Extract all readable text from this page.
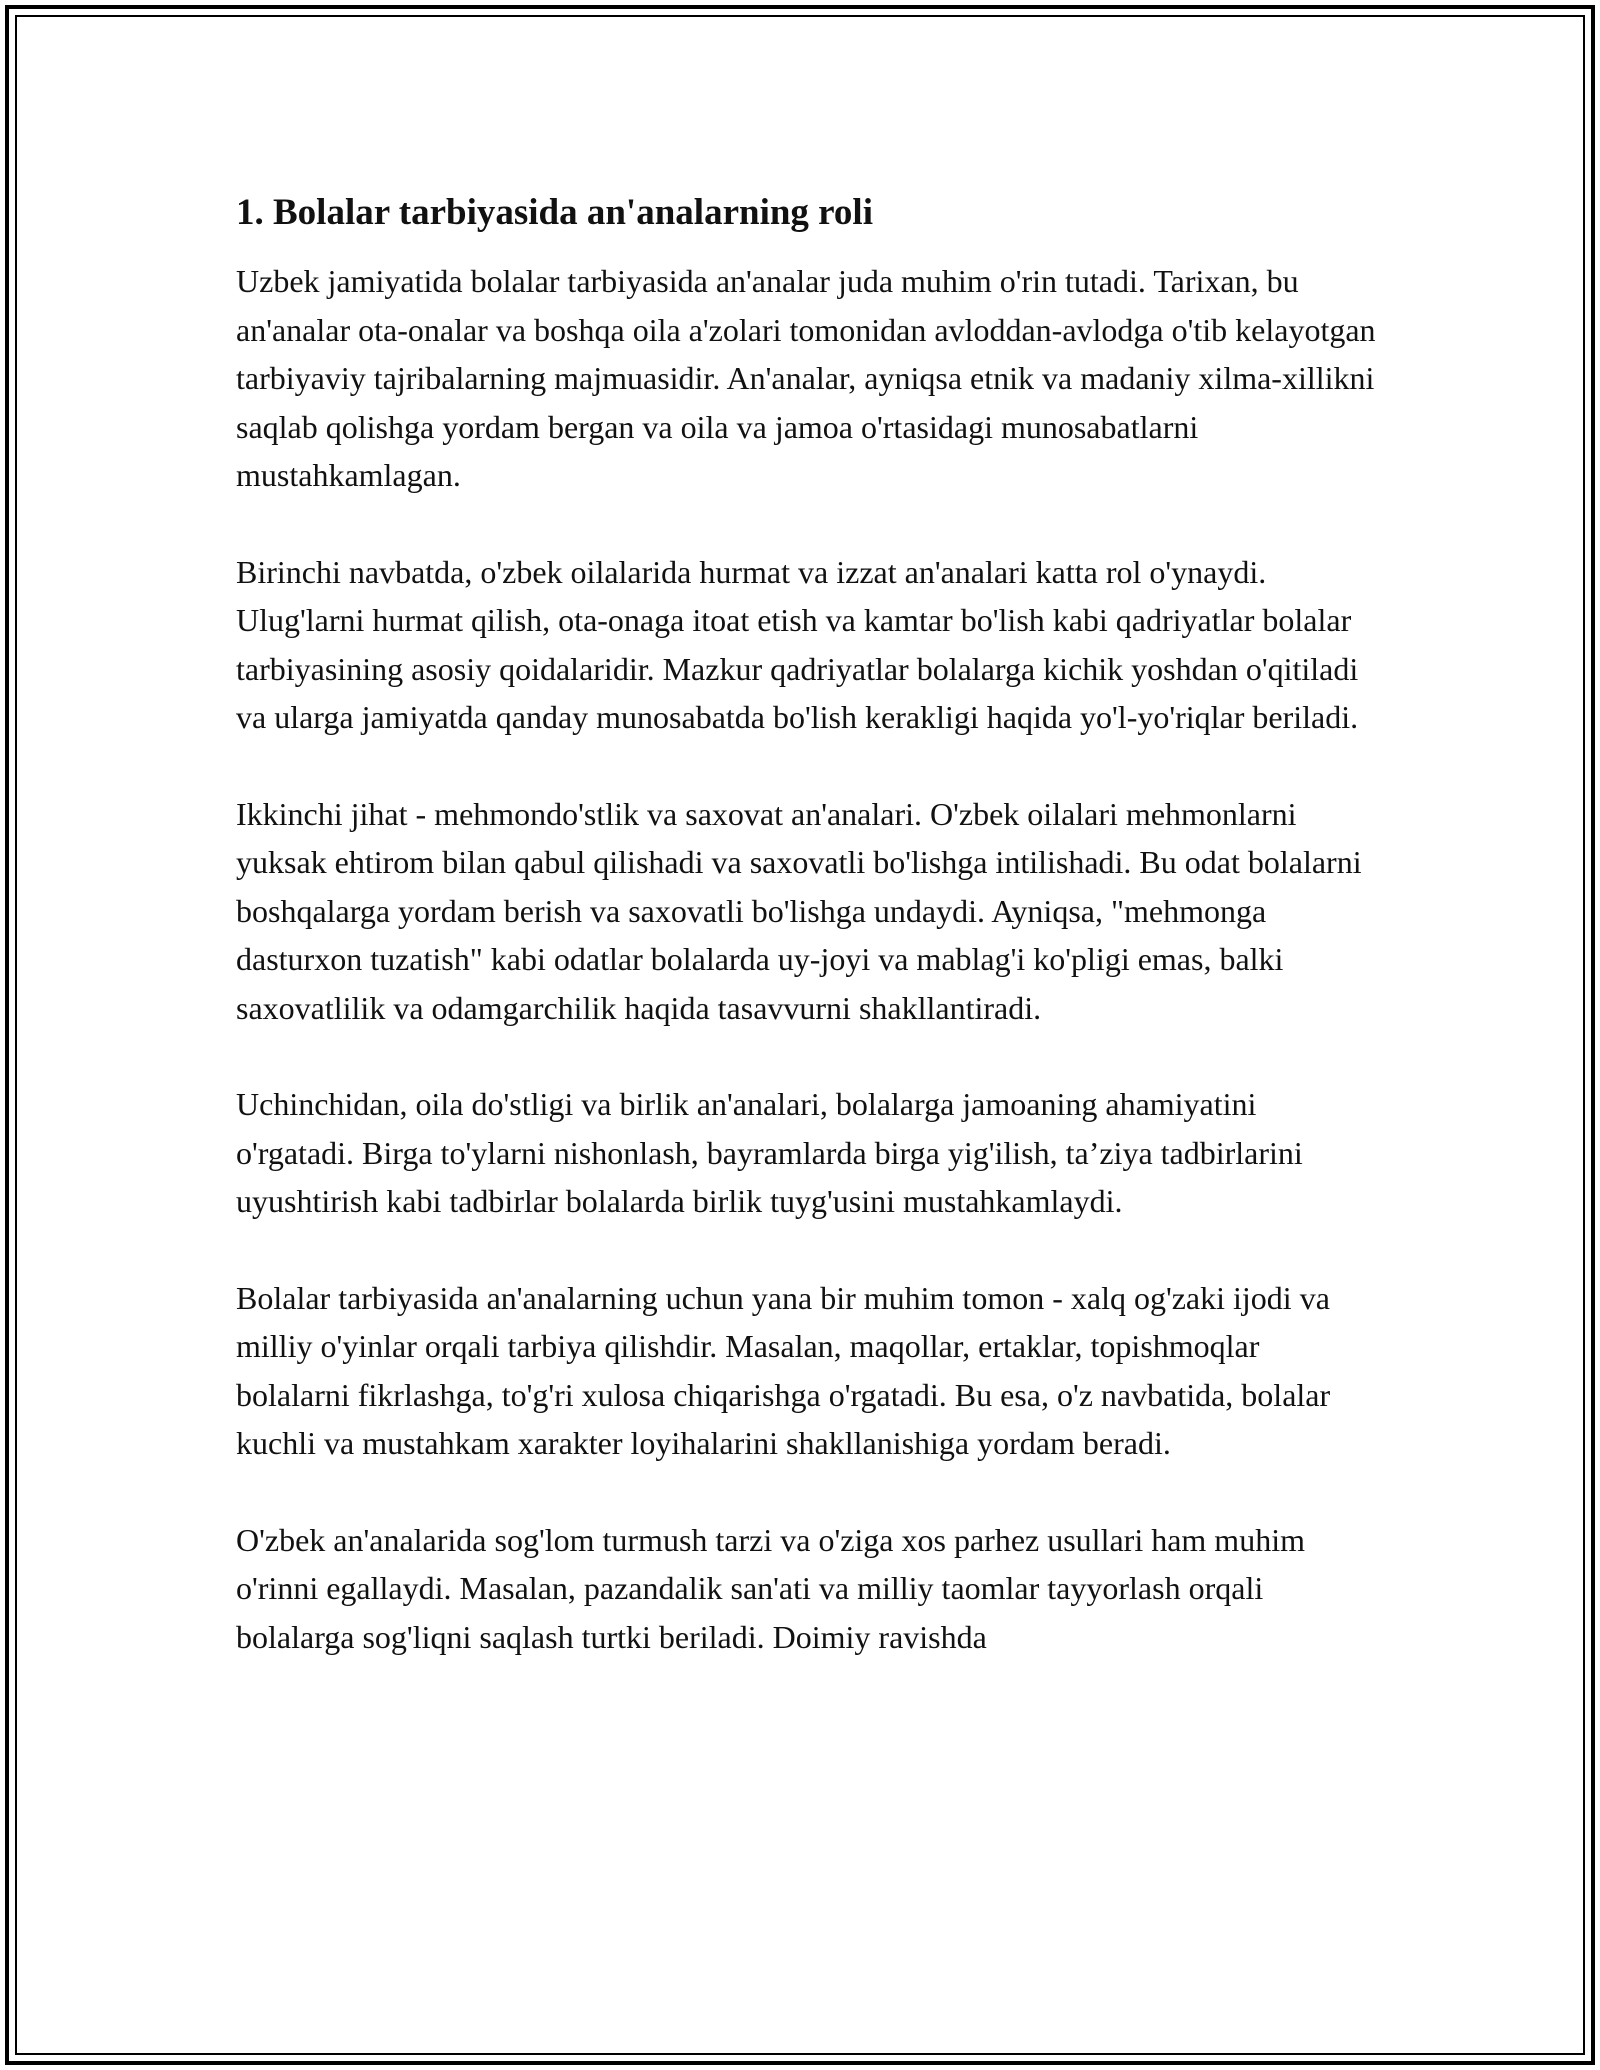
1. Bolalar tarbiyasida an'analarning roli

Uzbek jamiyatida bolalar tarbiyasida an'analar juda muhim o'rin tutadi. Tarixan, bu an'analar ota-onalar va boshqa oila a'zolari tomonidan avloddan-avlodga o'tib kelayotgan tarbiyaviy tajribalarning majmuasidir. An'analar, ayniqsa etnik va madaniy xilma-xillikni saqlab qolishga yordam bergan va oila va jamoa o'rtasidagi munosabatlarni mustahkamlagan.

Birinchi navbatda, o'zbek oilalarida hurmat va izzat an'analari katta rol o'ynaydi. Ulug'larni hurmat qilish, ota-onaga itoat etish va kamtar bo'lish kabi qadriyatlar bolalar tarbiyasining asosiy qoidalaridir. Mazkur qadriyatlar bolalarga kichik yoshdan o'qitiladi va ularga jamiyatda qanday munosabatda bo'lish kerakligi haqida yo'l-yo'riqlar beriladi.

Ikkinchi jihat - mehmondo'stlik va saxovat an'analari. O'zbek oilalari mehmonlarni yuksak ehtirom bilan qabul qilishadi va saxovatli bo'lishga intilishadi. Bu odat bolalarni boshqalarga yordam berish va saxovatli bo'lishga undaydi. Ayniqsa, "mehmonga dasturxon tuzatish" kabi odatlar bolalarda uy-joyi va mablag'i ko'pligi emas, balki saxovatlilik va odamgarchilik haqida tasavvurni shakllantiradi.

Uchinchidan, oila do'stligi va birlik an'analari, bolalarga jamoaning ahamiyatini o'rgatadi. Birga to'ylarni nishonlash, bayramlarda birga yig'ilish, ta’ziya tadbirlarini uyushtirish kabi tadbirlar bolalarda birlik tuyg'usini mustahkamlaydi.

Bolalar tarbiyasida an'analarning uchun yana bir muhim tomon - xalq og'zaki ijodi va milliy o'yinlar orqali tarbiya qilishdir. Masalan, maqollar, ertaklar, topishmoqlar bolalarni fikrlashga, to'g'ri xulosa chiqarishga o'rgatadi. Bu esa, o'z navbatida, bolalar kuchli va mustahkam xarakter loyihalarini shakllanishiga yordam beradi.

O'zbek an'analarida sog'lom turmush tarzi va o'ziga xos parhez usullari ham muhim o'rinni egallaydi. Masalan, pazandalik san'ati va milliy taomlar tayyorlash orqali bolalarga sog'liqni saqlash turtki beriladi. Doimiy ravishda
